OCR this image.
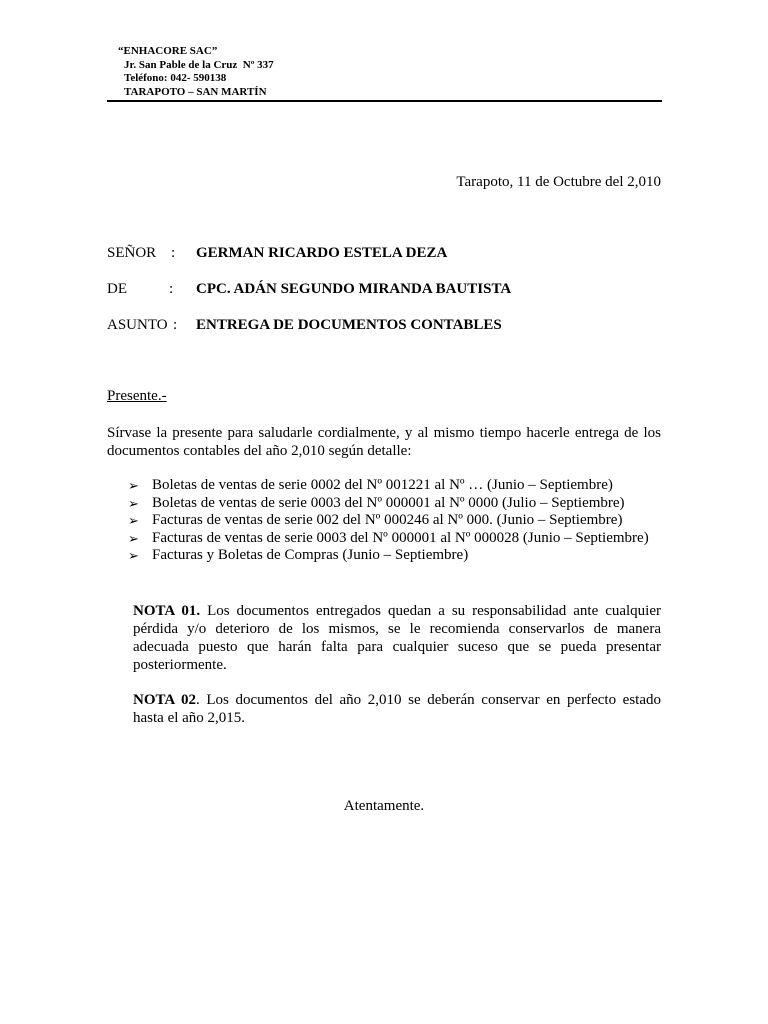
“ENHACORE SAC”
Jr. San Pable de la Cruz  Nº 337
Teléfono: 042- 590138
TARAPOTO – SAN MARTÍN
Tarapoto, 11 de Octubre del 2,010
SEÑOR : GERMAN RICARDO ESTELA DEZA
DE	: CPC. ADÁN SEGUNDO MIRANDA BAUTISTA
ASUNTO : ENTREGA DE DOCUMENTOS CONTABLES
Presente.-
Sírvase la presente para saludarle cordialmente, y al mismo tiempo hacerle entrega de los documentos contables del año 2,010 según detalle:
➢ Boletas de ventas de serie 0002 del Nº 001221 al Nº … (Junio – Septiembre)
➢ Boletas de ventas de serie 0003 del Nº 000001 al Nº 0000 (Julio – Septiembre)
➢ Facturas de ventas de serie 002 del Nº 000246 al Nº 000. (Junio – Septiembre)
➢ Facturas de ventas de serie 0003 del Nº 000001 al Nº 000028 (Junio – Septiembre)
➢ Facturas y Boletas de Compras (Junio – Septiembre)
NOTA 01. Los documentos entregados quedan a su responsabilidad ante cualquier pérdida y/o deterioro de los mismos, se le recomienda conservarlos de manera adecuada puesto que harán falta para cualquier suceso que se pueda presentar posteriormente.
NOTA 02. Los documentos del año 2,010 se deberán conservar en perfecto estado hasta el año 2,015.
Atentamente.
